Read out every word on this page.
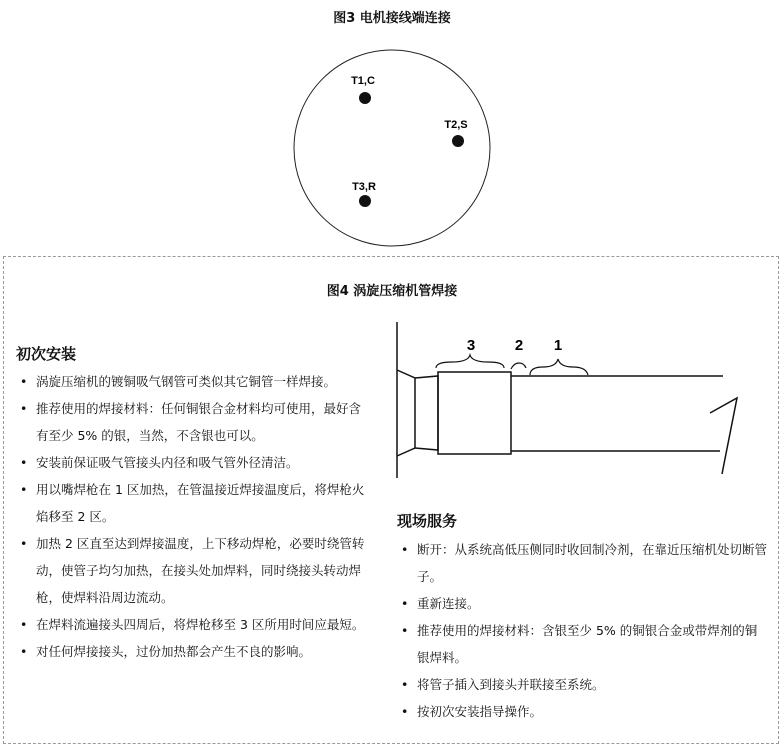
图3 电机接线端连接
T1,C
T2,S
T3,R
图4 涡旋压缩机管焊接
3	2 1
初次安装
• 涡旋压缩机的镀铜吸气钢管可类似其它铜管一样焊接。
• 推荐使用的焊接材料：任何铜银合金材料均可使用，最好含有至少 5% 的银，当然，不含银也可以。
• 安装前保证吸气管接头内径和吸气管外径清洁。
• 用以嘴焊枪在 1 区加热，在管温接近焊接温度后，将焊枪火焰移至 2 区。
• 加热 2 区直至达到焊接温度，上下移动焊枪，必要时绕管转动，使管子均匀加热，在接头处加焊料，同时绕接头转动焊枪，使焊料沿周边流动。
• 在焊料流遍接头四周后，将焊枪移至 3 区所用时间应最短。
• 对任何焊接接头，过份加热都会产生不良的影响。
现场服务
• 断开：从系统高低压侧同时收回制冷剂，在靠近压缩机处切断管子。
• 重新连接。
• 推荐使用的焊接材料：含银至少 5% 的铜银合金或带焊剂的铜银焊料。
• 将管子插入到接头并联接至系统。
• 按初次安装指导操作。
